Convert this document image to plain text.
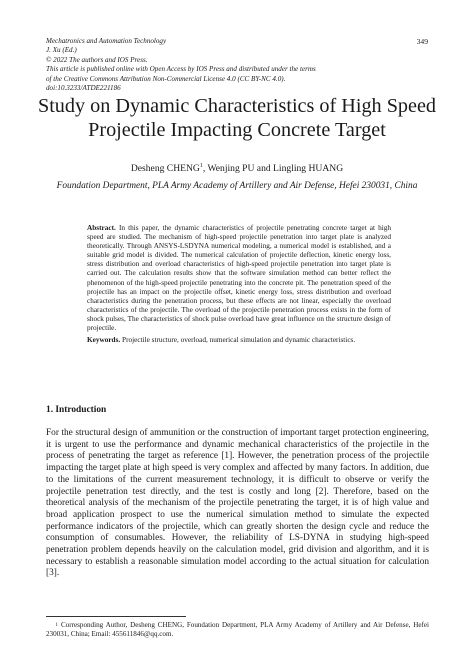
Mechatronics and Automation Technology
J. Xu (Ed.)
© 2022 The authors and IOS Press.
This article is published online with Open Access by IOS Press and distributed under the terms
of the Creative Commons Attribution Non-Commercial License 4.0 (CC BY-NC 4.0).
doi:10.3233/ATDE221186
349
Study on Dynamic Characteristics of High Speed Projectile Impacting Concrete Target
Desheng CHENG$^1$, Wenjing PU and Lingling HUANG
Foundation Department, PLA Army Academy of Artillery and Air Defense, Hefei 230031, China
Abstract. In this paper, the dynamic characteristics of projectile penetrating concrete target at high speed are studied. The mechanism of high-speed projectile penetration into target plate is analyzed theoretically. Through ANSYS-LSDYNA numerical modeling, a numerical model is established, and a suitable grid model is divided. The numerical calculation of projectile deflection, kinetic energy loss, stress distribution and overload characteristics of high-speed projectile penetration into target plate is carried out. The calculation results show that the software simulation method can better reflect the phenomenon of the high-speed projectile penetrating into the concrete pit. The penetration speed of the projectile has an impact on the projectile offset, kinetic energy loss, stress distribution and overload characteristics during the penetration process, but these effects are not linear, especially the overload characteristics of the projectile. The overload of the projectile penetration process exists in the form of shock pulses, The characteristics of shock pulse overload have great influence on the structure design of projectile.
Keywords. Projectile structure, overload, numerical simulation and dynamic characteristics.
1. Introduction
For the structural design of ammunition or the construction of important target protection engineering, it is urgent to use the performance and dynamic mechanical characteristics of the projectile in the process of penetrating the target as reference [1]. However, the penetration process of the projectile impacting the target plate at high speed is very complex and affected by many factors. In addition, due to the limitations of the current measurement technology, it is difficult to observe or verify the projectile penetration test directly, and the test is costly and long [2]. Therefore, based on the theoretical analysis of the mechanism of the projectile penetrating the target, it is of high value and broad application prospect to use the numerical simulation method to simulate the expected performance indicators of the projectile, which can greatly shorten the design cycle and reduce the consumption of consumables. However, the reliability of LS-DYNA in studying high-speed penetration problem depends heavily on the calculation model, grid division and algorithm, and it is necessary to establish a reasonable simulation model according to the actual situation for calculation [3].
$^1$ Corresponding Author, Desheng CHENG, Foundation Department, PLA Army Academy of Artillery and Air Defense, Hefei 230031, China; Email: 455611846@qq.com.
